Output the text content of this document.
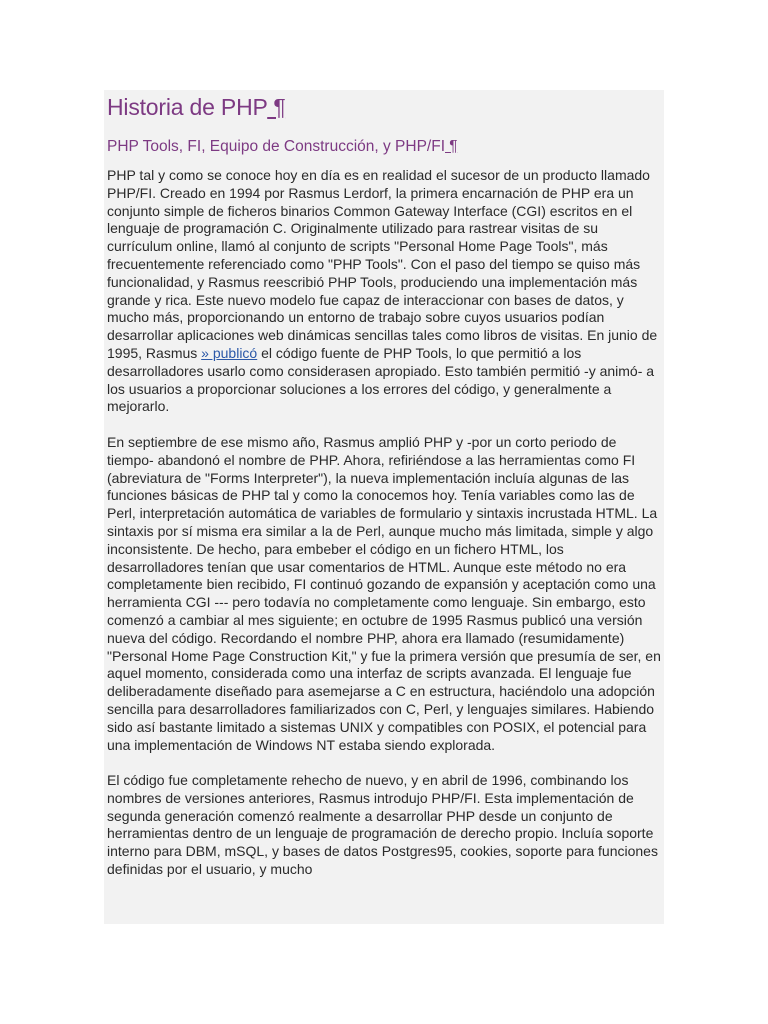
Historia de PHP ¶
PHP Tools, FI, Equipo de Construcción, y PHP/FI ¶

PHP tal y como se conoce hoy en día es en realidad el sucesor de un producto llamado PHP/FI. Creado en 1994 por Rasmus Lerdorf, la primera encarnación de PHP era un conjunto simple de ficheros binarios Common Gateway Interface (CGI) escritos en el lenguaje de programación C. Originalmente utilizado para rastrear visitas de su currículum online, llamó al conjunto de scripts "Personal Home Page Tools", más frecuentemente referenciado como "PHP Tools". Con el paso del tiempo se quiso más funcionalidad, y Rasmus reescribió PHP Tools, produciendo una implementación más grande y rica. Este nuevo modelo fue capaz de interaccionar con bases de datos, y mucho más, proporcionando un entorno de trabajo sobre cuyos usuarios podían desarrollar aplicaciones web dinámicas sencillas tales como libros de visitas. En junio de 1995, Rasmus » publicó el código fuente de PHP Tools, lo que permitió a los desarrolladores usarlo como considerasen apropiado. Esto también permitió -y animó- a los usuarios a proporcionar soluciones a los errores del código, y generalmente a mejorarlo.

En septiembre de ese mismo año, Rasmus amplió PHP y -por un corto periodo de tiempo- abandonó el nombre de PHP. Ahora, refiriéndose a las herramientas como FI (abreviatura de "Forms Interpreter"), la nueva implementación incluía algunas de las funciones básicas de PHP tal y como la conocemos hoy. Tenía variables como las de Perl, interpretación automática de variables de formulario y sintaxis incrustada HTML. La sintaxis por sí misma era similar a la de Perl, aunque mucho más limitada, simple y algo inconsistente. De hecho, para embeber el código en un fichero HTML, los desarrolladores tenían que usar comentarios de HTML. Aunque este método no era completamente bien recibido, FI continuó gozando de expansión y aceptación como una herramienta CGI --- pero todavía no completamente como lenguaje. Sin embargo, esto comenzó a cambiar al mes siguiente; en octubre de 1995 Rasmus publicó una versión nueva del código. Recordando el nombre PHP, ahora era llamado (resumidamente) "Personal Home Page Construction Kit," y fue la primera versión que presumía de ser, en aquel momento, considerada como una interfaz de scripts avanzada. El lenguaje fue deliberadamente diseñado para asemejarse a C en estructura, haciéndolo una adopción sencilla para desarrolladores familiarizados con C, Perl, y lenguajes similares. Habiendo sido así bastante limitado a sistemas UNIX y compatibles con POSIX, el potencial para una implementación de Windows NT estaba siendo explorada.

El código fue completamente rehecho de nuevo, y en abril de 1996, combinando los nombres de versiones anteriores, Rasmus introdujo PHP/FI. Esta implementación de segunda generación comenzó realmente a desarrollar PHP desde un conjunto de herramientas dentro de un lenguaje de programación de derecho propio. Incluía soporte interno para DBM, mSQL, y bases de datos Postgres95, cookies, soporte para funciones definidas por el usuario, y mucho
